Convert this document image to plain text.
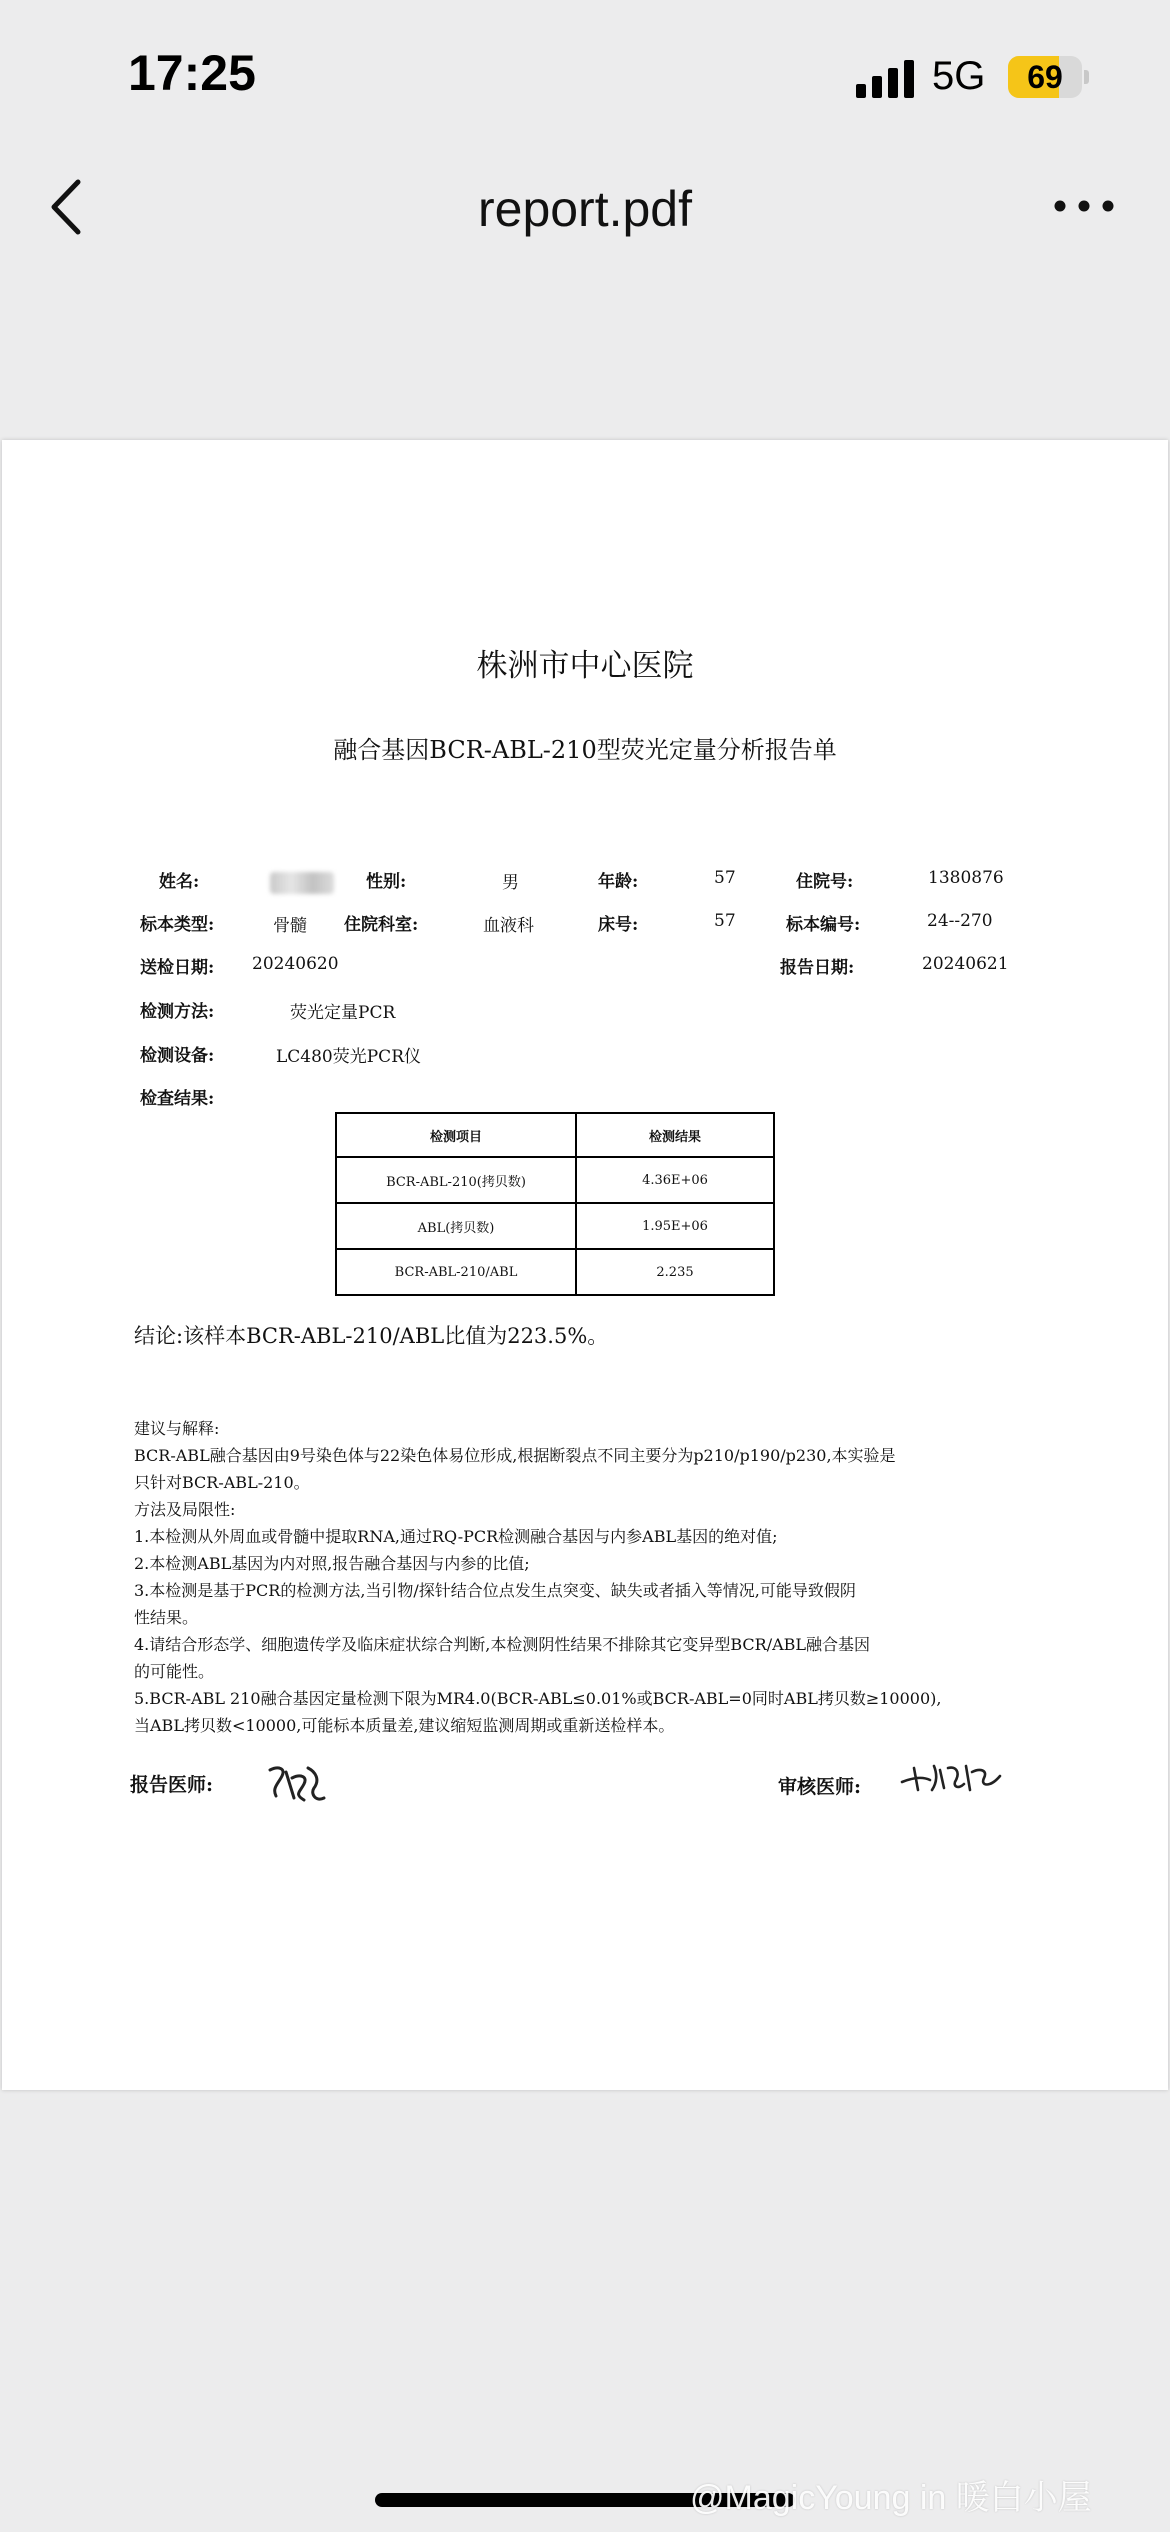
17:25	5G	69
report.pdf
株洲市中心医院
融合基因BCR-ABL-210型荧光定量分析报告单
姓名:	性别:	男	年龄:	57	住院号:	1380876
标本类型:	骨髓 住院科室:	血液科	床号:	57	标本编号:	24--270
送检日期: 20240620	报告日期:	20240621
检测方法:	荧光定量PCR
检测设备:	LC480荧光PCR仪
检查结果:
检测项目	检测结果
BCR-ABL-210(拷贝数)	4.36E+06
ABL(拷贝数)	1.95E+06
BCR-ABL-210/ABL	2.235
结论:该样本BCR-ABL-210/ABL比值为223.5%。
建议与解释:
BCR-ABL融合基因由9号染色体与22染色体易位形成,根据断裂点不同主要分为p210/p190/p230,本实验是
只针对BCR-ABL-210。
方法及局限性:
1.本检测从外周血或骨髓中提取RNA,通过RQ-PCR检测融合基因与内参ABL基因的绝对值;
2.本检测ABL基因为内对照,报告融合基因与内参的比值;
3.本检测是基于PCR的检测方法,当引物/探针结合位点发生点突变、缺失或者插入等情况,可能导致假阴
性结果。
4.请结合形态学、细胞遗传学及临床症状综合判断,本检测阴性结果不排除其它变异型BCR/ABL融合基因
的可能性。
5.BCR-ABL 210融合基因定量检测下限为MR4.0(BCR-ABL≤0.01%或BCR-ABL=0同时ABL拷贝数≥10000),
当ABL拷贝数<10000,可能标本质量差,建议缩短监测周期或重新送检样本。
报告医师:	审核医师:
@MagicYoung in 暖白小屋
